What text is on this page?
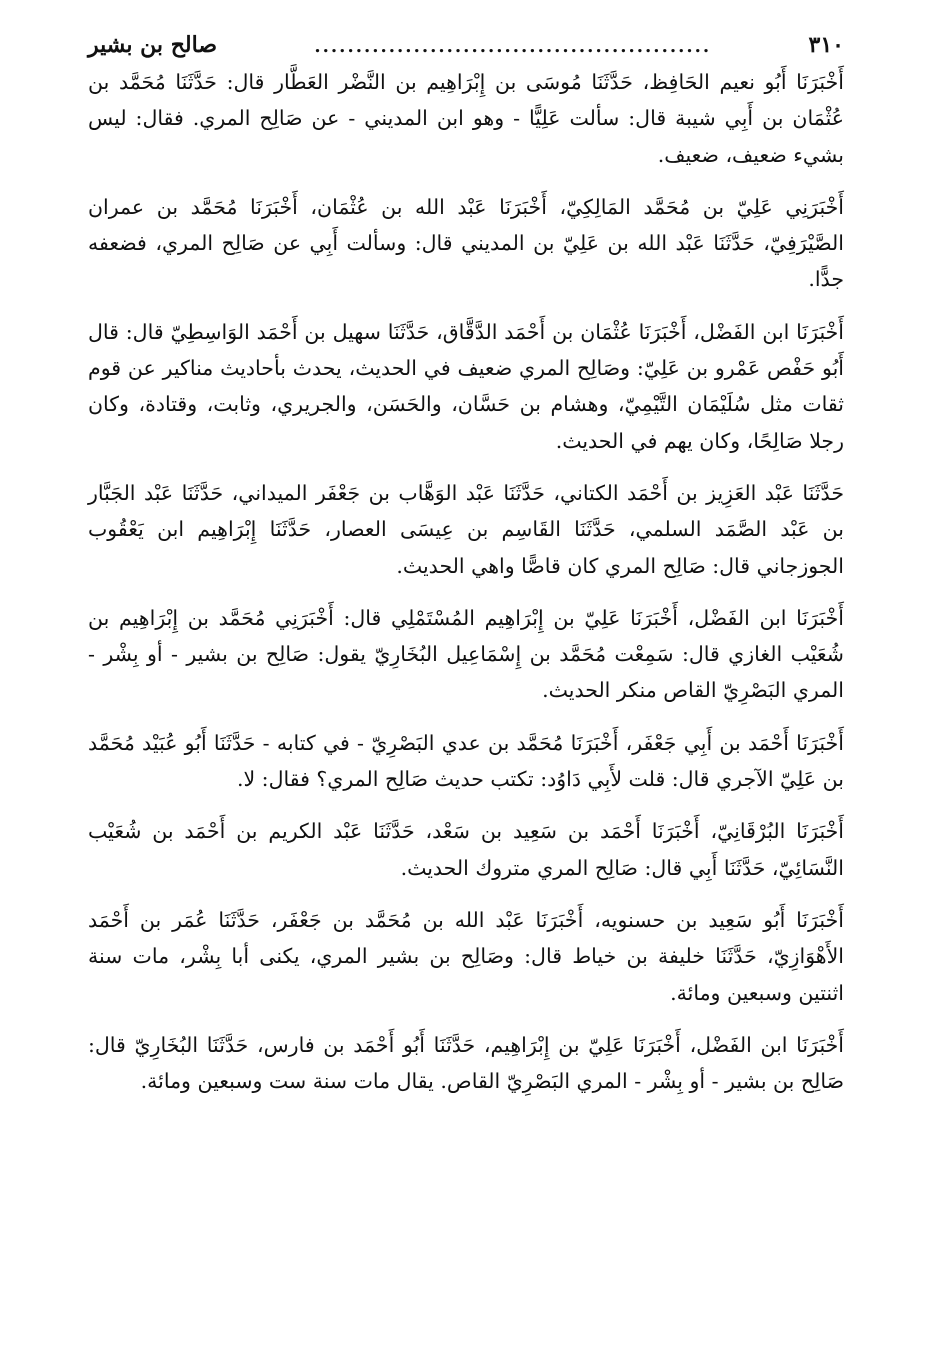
٣١٠
................................................
صالح بن بشير

أَخْبَرَنَا أَبُو نعيم الحَافِظ، حَدَّثَنَا مُوسَى بن إِبْرَاهِيم بن النَّضْر العَطَّار قال: حَدَّثَنَا مُحَمَّد بن عُثْمَان بن أَبِي شيبة قال: سألت عَلِيًّا - وهو ابن المديني - عن صَالِح المري. فقال: ليس بشيء ضعيف، ضعيف.

أَخْبَرَنِي عَلِيّ بن مُحَمَّد المَالِكِيّ، أَخْبَرَنَا عَبْد الله بن عُثْمَان، أَخْبَرَنَا مُحَمَّد بن عمران الصَّيْرَفِيّ، حَدَّثَنَا عَبْد الله بن عَلِيّ بن المديني قال: وسألت أَبِي عن صَالِح المري، فضعفه جدًّا.

أَخْبَرَنَا ابن الفَضْل، أَخْبَرَنَا عُثْمَان بن أَحْمَد الدَّقَّاق، حَدَّثَنَا سهيل بن أَحْمَد الوَاسِطِيّ قال: قال أَبُو حَفْص عَمْرو بن عَلِيّ: وصَالِح المري ضعيف في الحديث، يحدث بأحاديث مناكير عن قوم ثقات مثل سُلَيْمَان التَّيْمِيّ، وهشام بن حَسَّان، والحَسَن، والجريري، وثابت، وقتادة، وكان رجلا صَالِحًا، وكان يهم في الحديث.

حَدَّثَنَا عَبْد العَزِيز بن أَحْمَد الكتاني، حَدَّثَنَا عَبْد الوَهَّاب بن جَعْفَر الميداني، حَدَّثَنَا عَبْد الجَبَّار بن عَبْد الصَّمَد السلمي، حَدَّثَنَا القَاسِم بن عِيسَى العصار، حَدَّثَنَا إِبْرَاهِيم ابن يَعْقُوب الجوزجاني قال: صَالِح المري كان قاصًّا واهي الحديث.

أَخْبَرَنَا ابن الفَضْل، أَخْبَرَنَا عَلِيّ بن إِبْرَاهِيم المُسْتَمْلِي قال: أَخْبَرَنِي مُحَمَّد بن إِبْرَاهِيم بن شُعَيْب الغازي قال: سَمِعْت مُحَمَّد بن إِسْمَاعِيل البُخَارِيّ يقول: صَالِح بن بشير - أو بِشْر - المري البَصْرِيّ القاص منكر الحديث.

أَخْبَرَنَا أَحْمَد بن أَبِي جَعْفَر، أَخْبَرَنَا مُحَمَّد بن عدي البَصْرِيّ - في كتابه - حَدَّثَنَا أَبُو عُبَيْد مُحَمَّد بن عَلِيّ الآجري قال: قلت لأَبِي دَاوُد: تكتب حديث صَالِح المري؟ فقال: لا.

أَخْبَرَنَا البُرْقَانِيّ، أَخْبَرَنَا أَحْمَد بن سَعِيد بن سَعْد، حَدَّثَنَا عَبْد الكريم بن أَحْمَد بن شُعَيْب النَّسَائِيّ، حَدَّثَنَا أَبِي قال: صَالِح المري متروك الحديث.

أَخْبَرَنَا أَبُو سَعِيد بن حسنويه، أَخْبَرَنَا عَبْد الله بن مُحَمَّد بن جَعْفَر، حَدَّثَنَا عُمَر بن أَحْمَد الأَهْوَازِيّ، حَدَّثَنَا خليفة بن خياط قال: وصَالِح بن بشير المري، يكنى أبا بِشْر، مات سنة اثنتين وسبعين ومائة.

أَخْبَرَنَا ابن الفَضْل، أَخْبَرَنَا عَلِيّ بن إِبْرَاهِيم، حَدَّثَنَا أَبُو أَحْمَد بن فارس، حَدَّثَنَا البُخَارِيّ قال: صَالِح بن بشير - أو بِشْر - المري البَصْرِيّ القاص. يقال مات سنة ست وسبعين ومائة.
